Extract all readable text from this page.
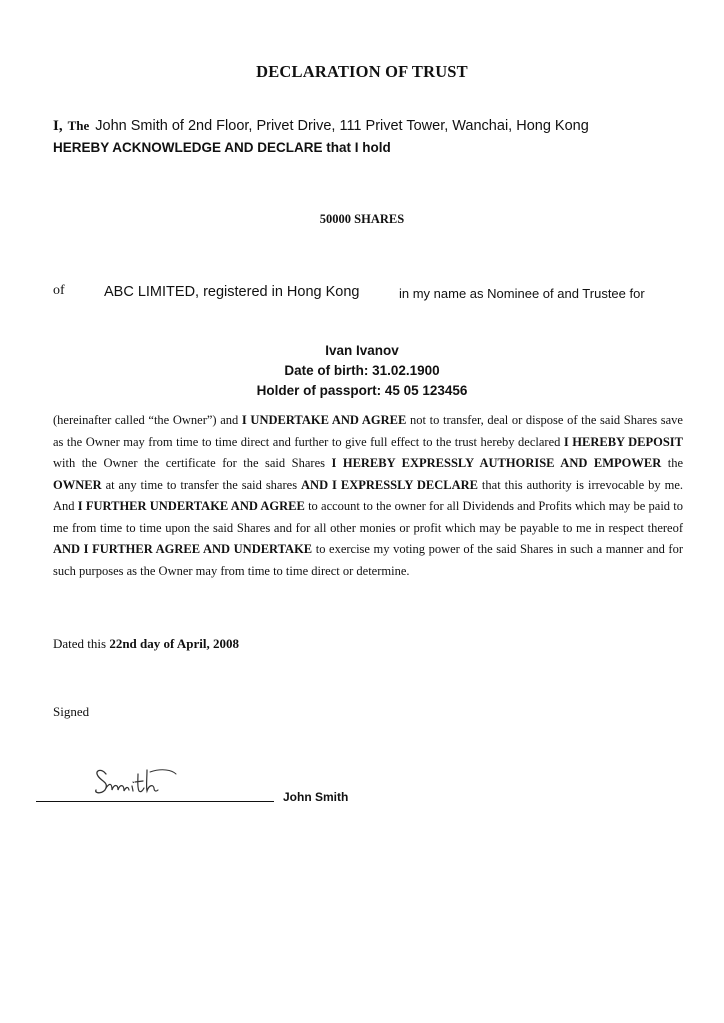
DECLARATION OF TRUST
I, The John Smith of 2nd Floor, Privet Drive, 111 Privet Tower, Wanchai, Hong Kong
HEREBY ACKNOWLEDGE AND DECLARE that I hold
50000 SHARES
of	ABC LIMITED, registered in Hong Kong	in my name as Nominee of and Trustee for
Ivan Ivanov
Date of birth: 31.02.1900
Holder of passport: 45 05 123456
(hereinafter called “the Owner”) and I UNDERTAKE AND AGREE not to transfer, deal or dispose of the said Shares save as the Owner may from time to time direct and further to give full effect to the trust hereby declared I HEREBY DEPOSIT with the Owner the certificate for the said Shares I HEREBY EXPRESSLY AUTHORISE AND EMPOWER the OWNER at any time to transfer the said shares AND I EXPRESSLY DECLARE that this authority is irrevocable by me. And I FURTHER UNDERTAKE AND AGREE to account to the owner for all Dividends and Profits which may be paid to me from time to time upon the said Shares and for all other monies or profit which may be payable to me in respect thereof AND I FURTHER AGREE AND UNDERTAKE to exercise my voting power of the said Shares in such a manner and for such purposes as the Owner may from time to time direct or determine.
Dated this 22nd day of April, 2008
Signed
John Smith
